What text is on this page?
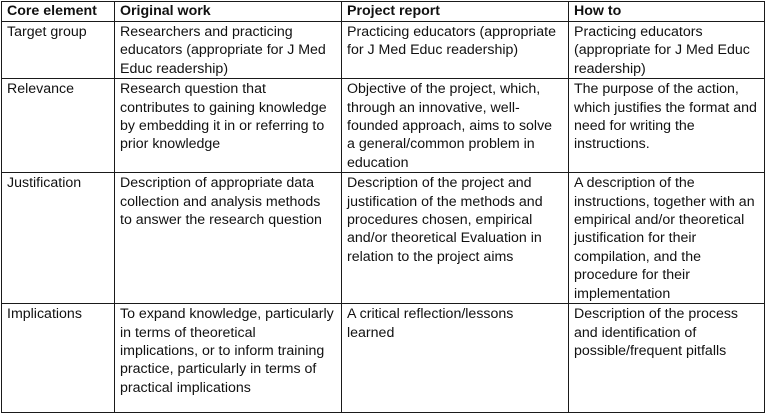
Core element	Original work	Project report	How to
Target group	Researchers and practicing educators (appropriate for J Med Educ readership)	Practicing educators (appropriate for J Med Educ readership)	Practicing educators (appropriate for J Med Educ readership)
Relevance	Research question that contributes to gaining knowledge by embedding it in or referring to prior knowledge	Objective of the project, which, through an innovative, well-founded approach, aims to solve a general/common problem in education	The purpose of the action, which justifies the format and need for writing the instructions.
Justification	Description of appropriate data collection and analysis methods to answer the research question	Description of the project and justification of the methods and procedures chosen, empirical and/or theoretical Evaluation in relation to the project aims	A description of the instructions, together with an empirical and/or theoretical justification for their compilation, and the procedure for their implementation
Implications	To expand knowledge, particularly in terms of theoretical implications, or to inform training practice, particularly in terms of practical implications	A critical reflection/lessons learned	Description of the process and identification of possible/frequent pitfalls
